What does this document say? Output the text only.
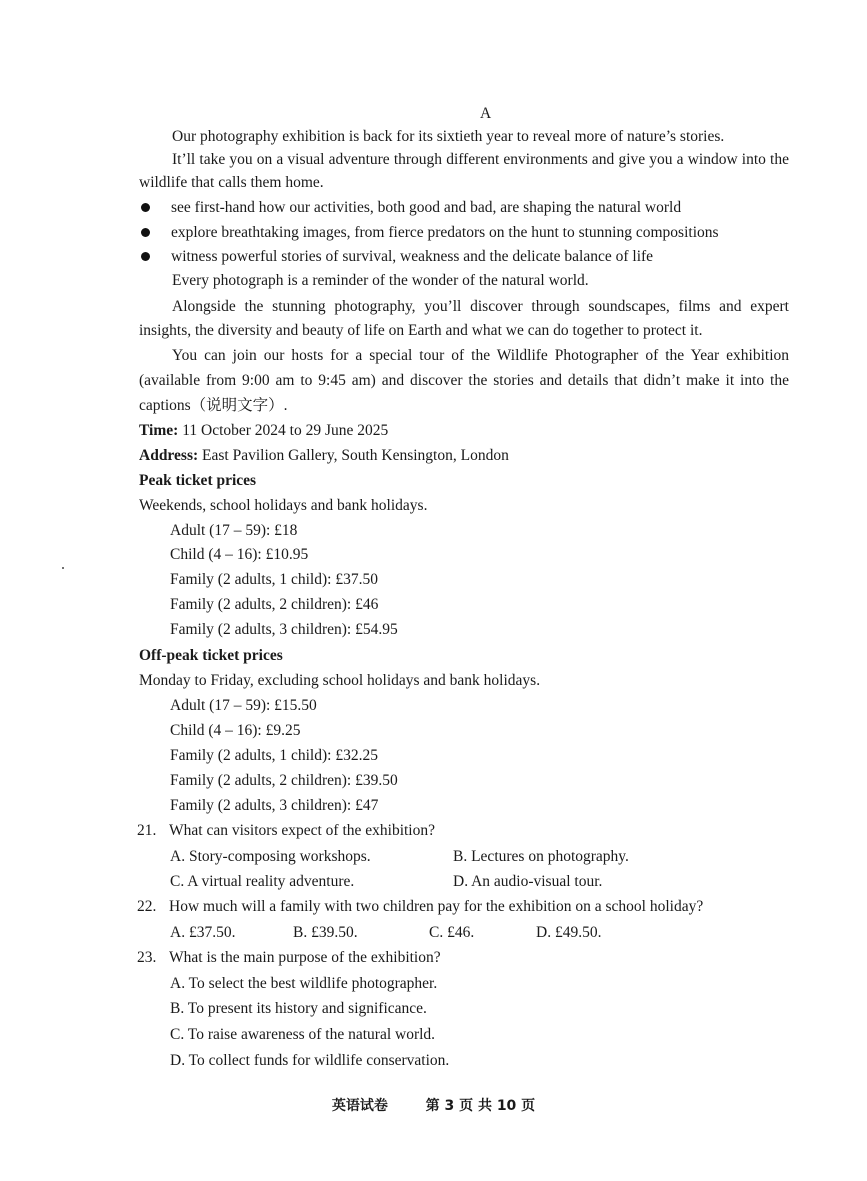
A
Our photography exhibition is back for its sixtieth year to reveal more of nature’s stories.
It’ll take you on a visual adventure through different environments and give you a window into the
wildlife that calls them home.
see first-hand how our activities, both good and bad, are shaping the natural world
explore breathtaking images, from fierce predators on the hunt to stunning compositions
witness powerful stories of survival, weakness and the delicate balance of life
Every photograph is a reminder of the wonder of the natural world.
Alongside the stunning photography, you’ll discover through soundscapes, films and expert
insights, the diversity and beauty of life on Earth and what we can do together to protect it.
You can join our hosts for a special tour of the Wildlife Photographer of the Year exhibition
(available from 9:00 am to 9:45 am) and discover the stories and details that didn’t make it into the
captions（说明文字）.
Time: 11 October 2024 to 29 June 2025
Address: East Pavilion Gallery, South Kensington, London
Peak ticket prices
Weekends, school holidays and bank holidays.
Adult (17 – 59): £18
Child (4 – 16): £10.95
Family (2 adults, 1 child): £37.50
Family (2 adults, 2 children): £46
Family (2 adults, 3 children): £54.95
Off-peak ticket prices
Monday to Friday, excluding school holidays and bank holidays.
Adult (17 – 59): £15.50
Child (4 – 16): £9.25
Family (2 adults, 1 child): £32.25
Family (2 adults, 2 children): £39.50
Family (2 adults, 3 children): £47
21. What can visitors expect of the exhibition?
A. Story-composing workshops.	B. Lectures on photography.
C. A virtual reality adventure.	D. An audio-visual tour.
22. How much will a family with two children pay for the exhibition on a school holiday?
A. £37.50.	B. £39.50.	C. £46.	D. £49.50.
23. What is the main purpose of the exhibition?
A. To select the best wildlife photographer.
B. To present its history and significance.
C. To raise awareness of the natural world.
D. To collect funds for wildlife conservation.
英语试卷	第 3 页 共 10 页
